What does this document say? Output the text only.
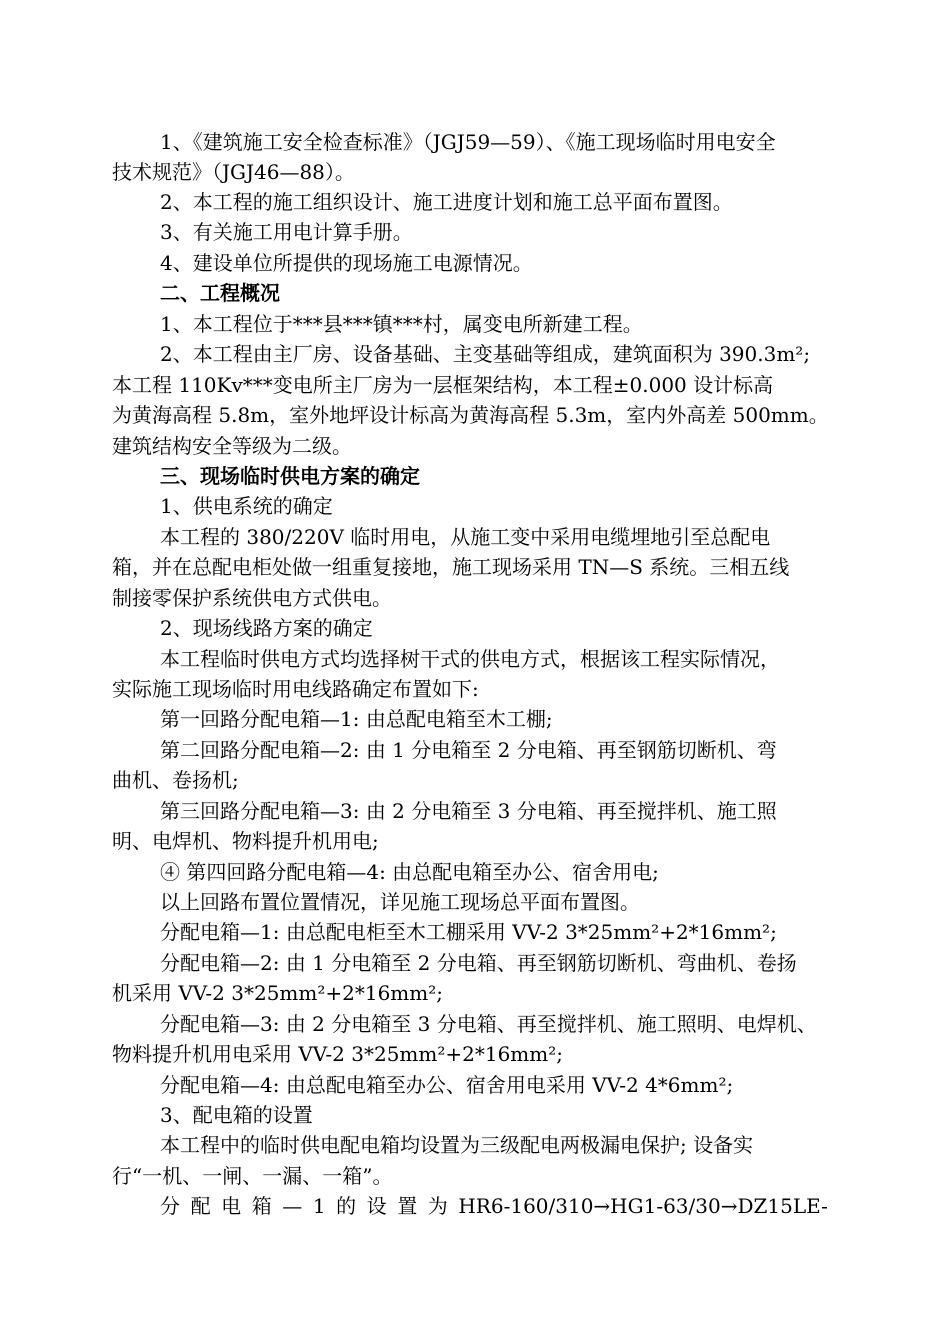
1、《建筑施工安全检查标准》（JGJ59—59）、《施工现场临时用电安全
技术规范》（JGJ46—88）。
2、本工程的施工组织设计、施工进度计划和施工总平面布置图。
3、有关施工用电计算手册。
4、建设单位所提供的现场施工电源情况。
二、工程概况
1、本工程位于***县***镇***村，属变电所新建工程。
2、本工程由主厂房、设备基础、主变基础等组成，建筑面积为 390.3m²;
本工程 110Kv***变电所主厂房为一层框架结构，本工程±0.000 设计标高
为黄海高程 5.8m，室外地坪设计标高为黄海高程 5.3m，室内外高差 500mm。
建筑结构安全等级为二级。
三、现场临时供电方案的确定
1、供电系统的确定
本工程的 380/220V 临时用电，从施工变中采用电缆埋地引至总配电
箱，并在总配电柜处做一组重复接地，施工现场采用 TN—S 系统。三相五线
制接零保护系统供电方式供电。
2、现场线路方案的确定
本工程临时供电方式均选择树干式的供电方式，根据该工程实际情况，
实际施工现场临时用电线路确定布置如下:
第一回路分配电箱—1: 由总配电箱至木工棚;
第二回路分配电箱—2: 由 1 分电箱至 2 分电箱、再至钢筋切断机、弯
曲机、卷扬机;
第三回路分配电箱—3: 由 2 分电箱至 3 分电箱、再至搅拌机、施工照
明、电焊机、物料提升机用电;
④ 第四回路分配电箱—4: 由总配电箱至办公、宿舍用电;
以上回路布置位置情况，详见施工现场总平面布置图。
分配电箱—1: 由总配电柜至木工棚采用 VV-2 3*25mm²+2*16mm²;
分配电箱—2: 由 1 分电箱至 2 分电箱、再至钢筋切断机、弯曲机、卷扬
机采用 VV-2 3*25mm²+2*16mm²;
分配电箱—3: 由 2 分电箱至 3 分电箱、再至搅拌机、施工照明、电焊机、
物料提升机用电采用 VV-2 3*25mm²+2*16mm²;
分配电箱—4: 由总配电箱至办公、宿舍用电采用 VV-2 4*6mm²;
3、配电箱的设置
本工程中的临时供电配电箱均设置为三级配电两极漏电保护; 设备实
行“一机、一闸、一漏、一箱”。
分 配 电 箱 — 1 的 设 置 为 HR6-160/310→HG1-63/30→DZ15LE-
